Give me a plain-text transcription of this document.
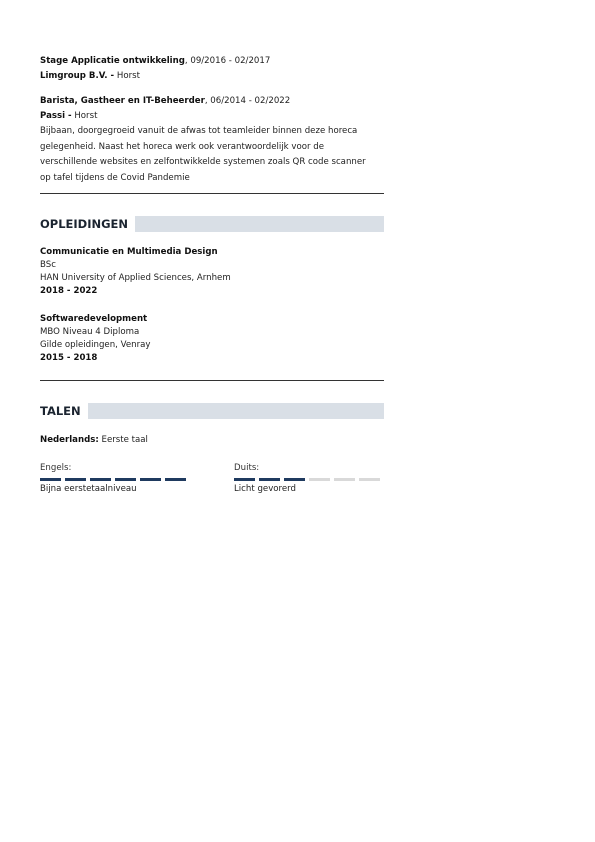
Stage Applicatie ontwikkeling, 09/2016 - 02/2017
Limgroup B.V. - Horst
Barista, Gastheer en IT-Beheerder, 06/2014 - 02/2022
Passi - Horst

Bijbaan, doorgegroeid vanuit de afwas tot teamleider binnen deze horeca
gelegenheid. Naast het horeca werk ook verantwoordelijk voor de
verschillende websites en zelfontwikkelde systemen zoals QR code scanner
op tafel tijdens de Covid Pandemie

OPLEIDINGEN
Communicatie en Multimedia Design
BSc
HAN University of Applied Sciences, Arnhem
2018 - 2022
Softwaredevelopment
MBO Niveau 4 Diploma
Gilde opleidingen, Venray
2015 - 2018
TALEN
Nederlands: Eerste taal
Engels:
Bijna eerstetaalniveau
Duits:
Licht gevorerd
